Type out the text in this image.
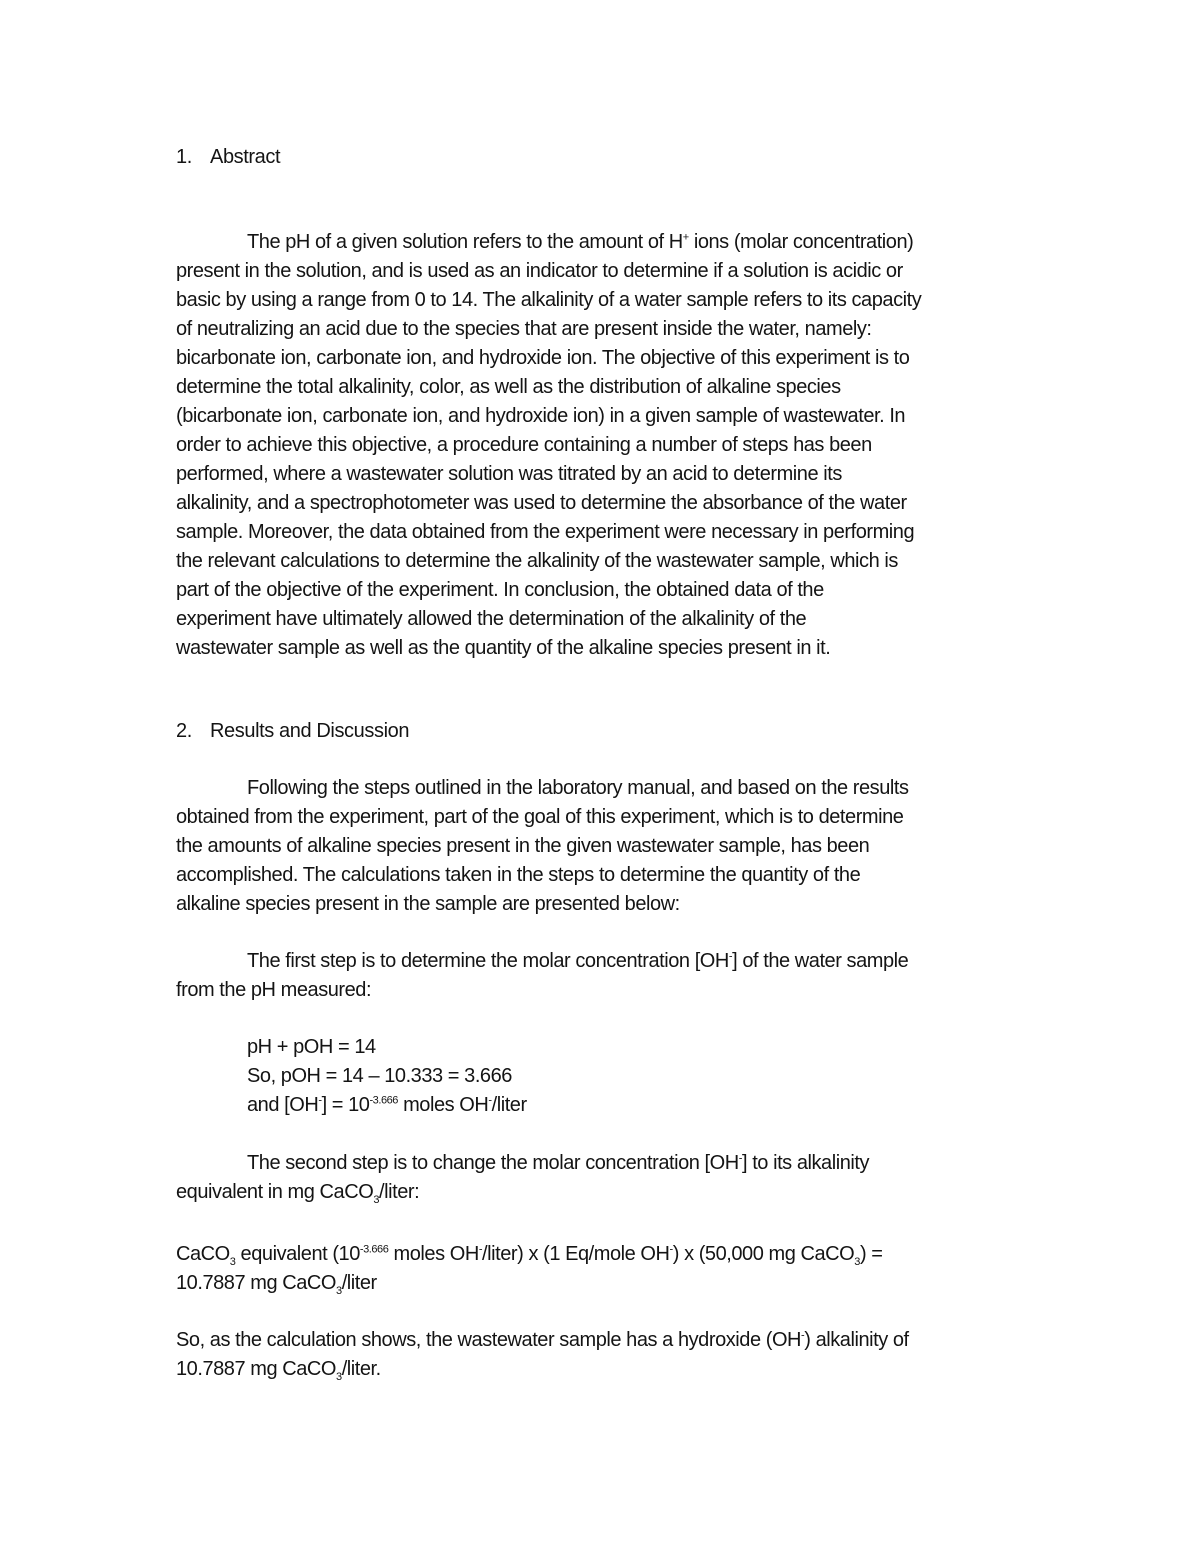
1. Abstract
The pH of a given solution refers to the amount of H+ ions (molar concentration)
present in the solution, and is used as an indicator to determine if a solution is acidic or
basic by using a range from 0 to 14. The alkalinity of a water sample refers to its capacity
of neutralizing an acid due to the species that are present inside the water, namely:
bicarbonate ion, carbonate ion, and hydroxide ion. The objective of this experiment is to
determine the total alkalinity, color, as well as the distribution of alkaline species
(bicarbonate ion, carbonate ion, and hydroxide ion) in a given sample of wastewater. In
order to achieve this objective, a procedure containing a number of steps has been
performed, where a wastewater solution was titrated by an acid to determine its
alkalinity, and a spectrophotometer was used to determine the absorbance of the water
sample. Moreover, the data obtained from the experiment were necessary in performing
the relevant calculations to determine the alkalinity of the wastewater sample, which is
part of the objective of the experiment. In conclusion, the obtained data of the
experiment have ultimately allowed the determination of the alkalinity of the
wastewater sample as well as the quantity of the alkaline species present in it.
2. Results and Discussion
Following the steps outlined in the laboratory manual, and based on the results
obtained from the experiment, part of the goal of this experiment, which is to determine
the amounts of alkaline species present in the given wastewater sample, has been
accomplished. The calculations taken in the steps to determine the quantity of the
alkaline species present in the sample are presented below:
The first step is to determine the molar concentration [OH-] of the water sample
from the pH measured:
pH + pOH = 14
So, pOH = 14 – 10.333 = 3.666
and $[OH^-] = 10^{-3.666}$ moles OH-/liter
The second step is to change the molar concentration [OH-] to its alkalinity
equivalent in mg CaCO$_3$/liter:
CaCO$_3$ equivalent ($10^{-3.666}$ moles OH-/liter) x (1 Eq/mole OH-) x (50,000 mg CaCO$_3$) =
10.7887 mg CaCO$_3$/liter
So, as the calculation shows, the wastewater sample has a hydroxide (OH-) alkalinity of
10.7887 mg CaCO$_3$/liter.
